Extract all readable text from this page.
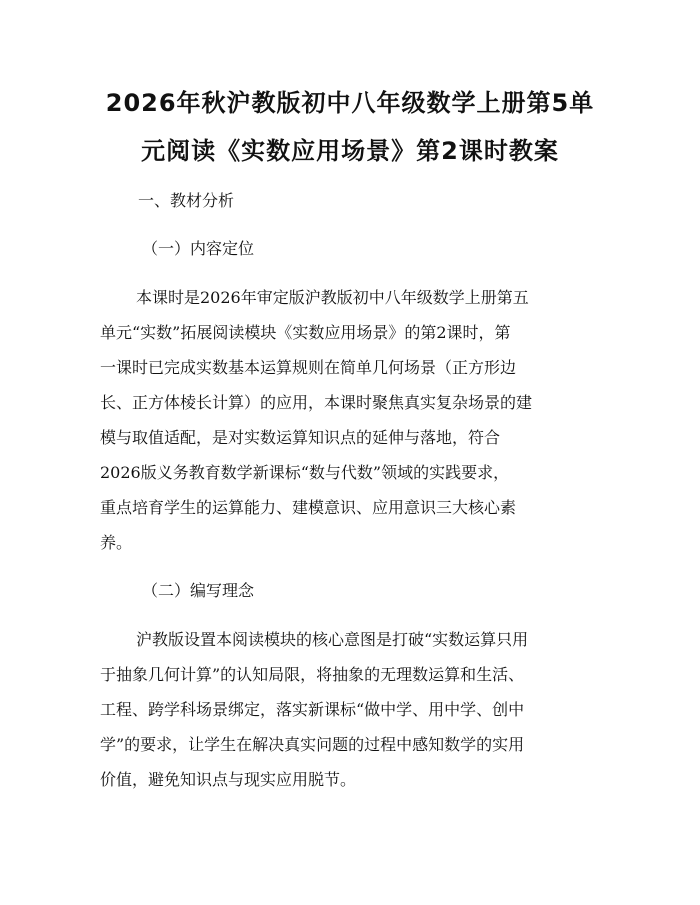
2026年秋沪教版初中八年级数学上册第5单
元阅读《实数应用场景》第2课时教案

一、教材分析

（一）内容定位

本课时是2026年审定版沪教版初中八年级数学上册第五
单元“实数”拓展阅读模块《实数应用场景》的第2课时，第
一课时已完成实数基本运算规则在简单几何场景（正方形边
长、正方体棱长计算）的应用，本课时聚焦真实复杂场景的建
模与取值适配，是对实数运算知识点的延伸与落地，符合
2026版义务教育数学新课标“数与代数”领域的实践要求，
重点培育学生的运算能力、建模意识、应用意识三大核心素
养。

（二）编写理念

沪教版设置本阅读模块的核心意图是打破“实数运算只用
于抽象几何计算”的认知局限，将抽象的无理数运算和生活、
工程、跨学科场景绑定，落实新课标“做中学、用中学、创中
学”的要求，让学生在解决真实问题的过程中感知数学的实用
价值，避免知识点与现实应用脱节。
